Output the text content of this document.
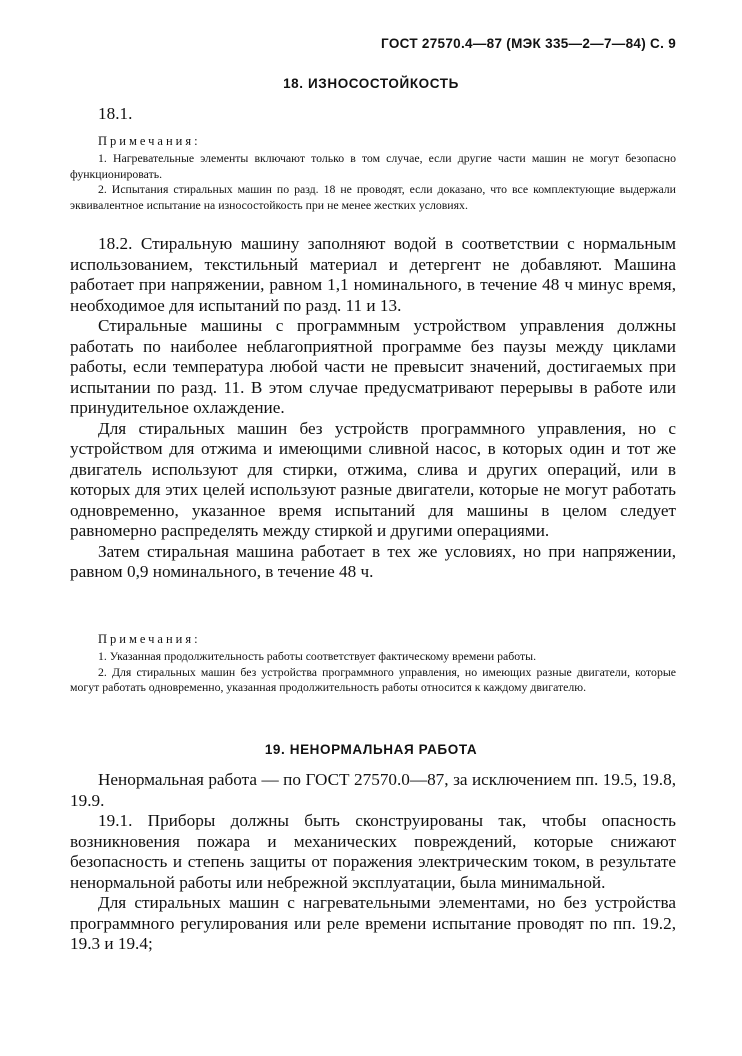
ГОСТ 27570.4—87 (МЭК 335—2—7—84) С. 9
18. ИЗНОСОСТОЙКОСТЬ

18.1.

Примечания:

1. Нагревательные элементы включают только в том случае, если другие части машин не могут безопасно функционировать.

2. Испытания стиральных машин по разд. 18 не проводят, если доказано, что все комплектующие выдержали эквивалентное испытание на износостойкость при не менее жестких условиях.

18.2. Стиральную машину заполняют водой в соответствии с нормальным использованием, текстильный материал и детергент не добавляют. Машина работает при напряжении, равном 1,1 номинального, в течение 48 ч минус время, необходимое для испытаний по разд. 11 и 13.

Стиральные машины с программным устройством управления должны работать по наиболее неблагоприятной программе без паузы между циклами работы, если температура любой части не превысит значений, достигаемых при испытании по разд. 11. В этом случае предусматривают перерывы в работе или принудительное охлаждение.

Для стиральных машин без устройств программного управления, но с устройством для отжима и имеющими сливной насос, в которых один и тот же двигатель используют для стирки, отжима, слива и других операций, или в которых для этих целей используют разные двигатели, которые не могут работать одновременно, указанное время испытаний для машины в целом следует равномерно распределять между стиркой и другими операциями.

Затем стиральная машина работает в тех же условиях, но при напряжении, равном 0,9 номинального, в течение 48 ч.

Примечания:

1. Указанная продолжительность работы соответствует фактическому времени работы.

2. Для стиральных машин без устройства программного управления, но имеющих разные двигатели, которые могут работать одновременно, указанная продолжительность работы относится к каждому двигателю.

19. НЕНОРМАЛЬНАЯ РАБОТА

Ненормальная работа — по ГОСТ 27570.0—87, за исключением пп. 19.5, 19.8, 19.9.

19.1. Приборы должны быть сконструированы так, чтобы опасность возникновения пожара и механических повреждений, которые снижают безопасность и степень защиты от поражения электрическим током, в результате ненормальной работы или небрежной эксплуатации, была минимальной.

Для стиральных машин с нагревательными элементами, но без устройства программного регулирования или реле времени испытание проводят по пп. 19.2, 19.3 и 19.4;
